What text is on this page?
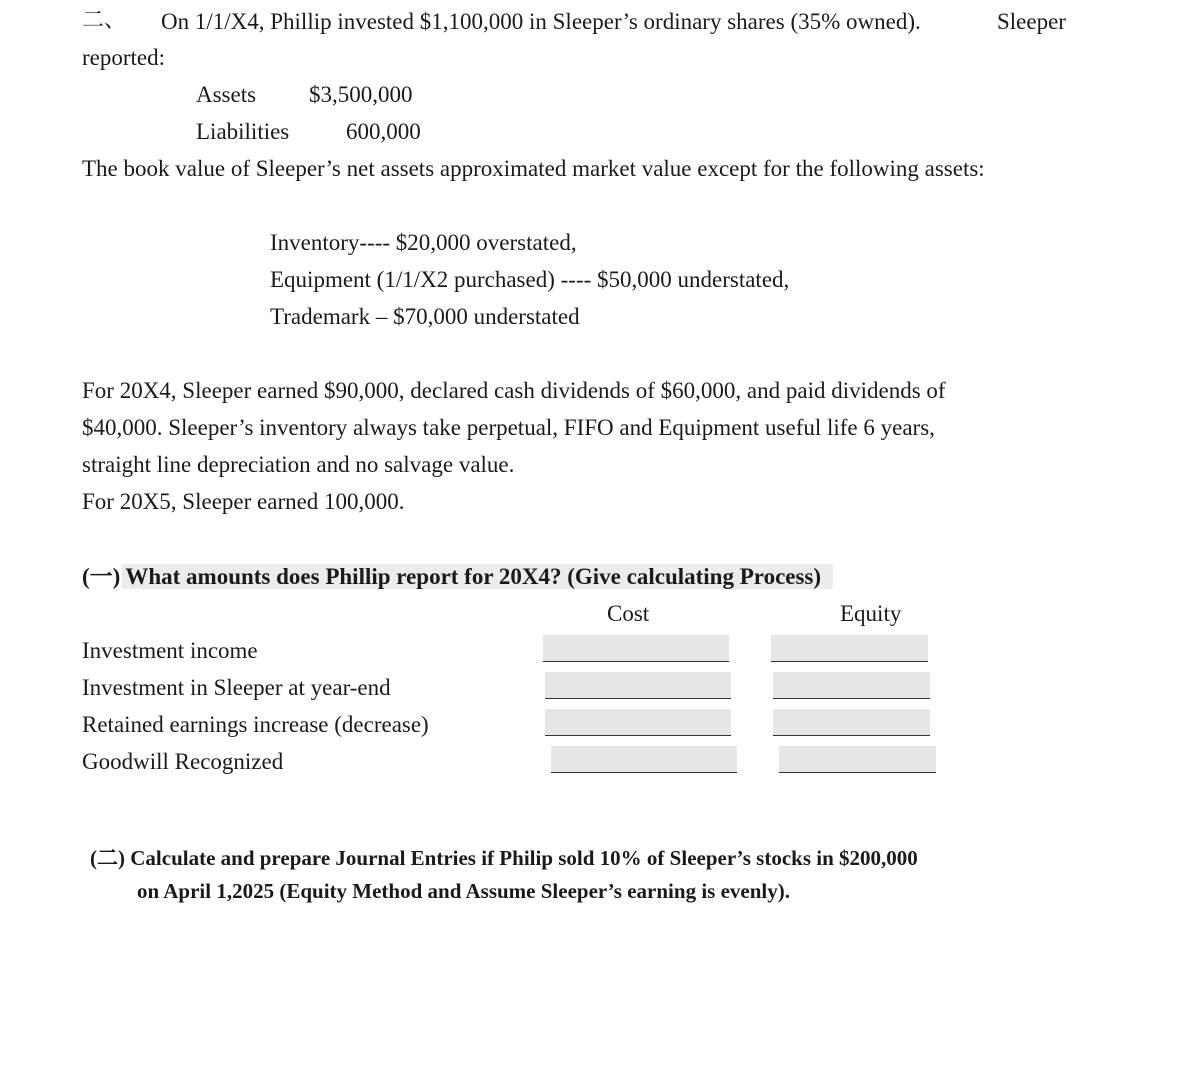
二、 On 1/1/X4, Phillip invested $1,100,000 in Sleeper’s ordinary shares (35% owned).	Sleeper
reported:
Assets $3,500,000
Liabilities 600,000
The book value of Sleeper’s net assets approximated market value except for the following assets:
Inventory---- $20,000 overstated,
Equipment (1/1/X2 purchased) ---- $50,000 understated,
Trademark – $70,000 understated
For 20X4, Sleeper earned $90,000, declared cash dividends of $60,000, and paid dividends of
$40,000. Sleeper’s inventory always take perpetual, FIFO and Equipment useful life 6 years,
straight line depreciation and no salvage value.
For 20X5, Sleeper earned 100,000.
(一) What amounts does Phillip report for 20X4? (Give calculating Process)
Cost	Equity
Investment income
Investment in Sleeper at year-end
Retained earnings increase (decrease)
Goodwill Recognized
(二) Calculate and prepare Journal Entries if Philip sold 10% of Sleeper’s stocks in $200,000
on April 1,2025 (Equity Method and Assume Sleeper’s earning is evenly).
